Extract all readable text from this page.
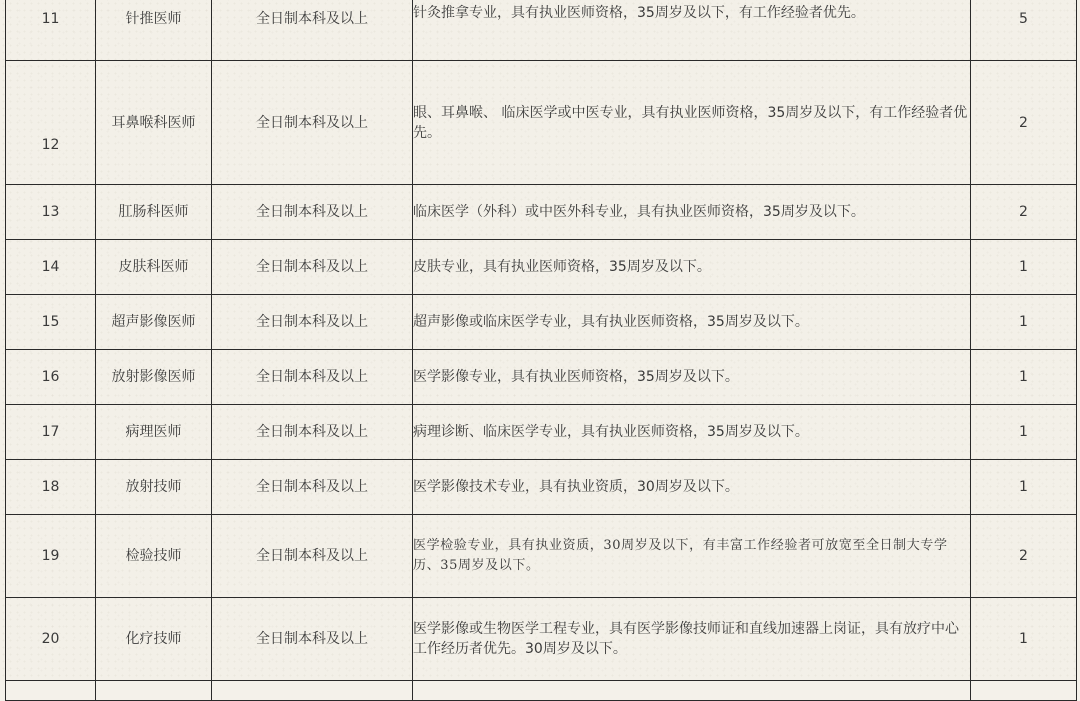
11	针推医师	全日制本科及以上	针灸推拿专业，具有执业医师资格，35周岁及以下，有工作经验者优先。	5
12	耳鼻喉科医师	全日制本科及以上	眼、耳鼻喉、 临床医学或中医专业，具有执业医师资格，35周岁及以下，有工作经验者优先。	2
13	肛肠科医师	全日制本科及以上	临床医学（外科）或中医外科专业，具有执业医师资格，35周岁及以下。	2
14	皮肤科医师	全日制本科及以上	皮肤专业，具有执业医师资格，35周岁及以下。	1
15	超声影像医师	全日制本科及以上	超声影像或临床医学专业，具有执业医师资格，35周岁及以下。	1
16	放射影像医师	全日制本科及以上	医学影像专业，具有执业医师资格，35周岁及以下。	1
17	病理医师	全日制本科及以上	病理诊断、临床医学专业，具有执业医师资格，35周岁及以下。	1
18	放射技师	全日制本科及以上	医学影像技术专业，具有执业资质，30周岁及以下。	1
19	检验技师	全日制本科及以上	医学检验专业，具有执业资质，30周岁及以下，有丰富工作经验者可放宽至全日制大专学历、35周岁及以下。	2
20	化疗技师	全日制本科及以上	医学影像或生物医学工程专业，具有医学影像技师证和直线加速器上岗证，具有放疗中心工作经历者优先。30周岁及以下。	1
